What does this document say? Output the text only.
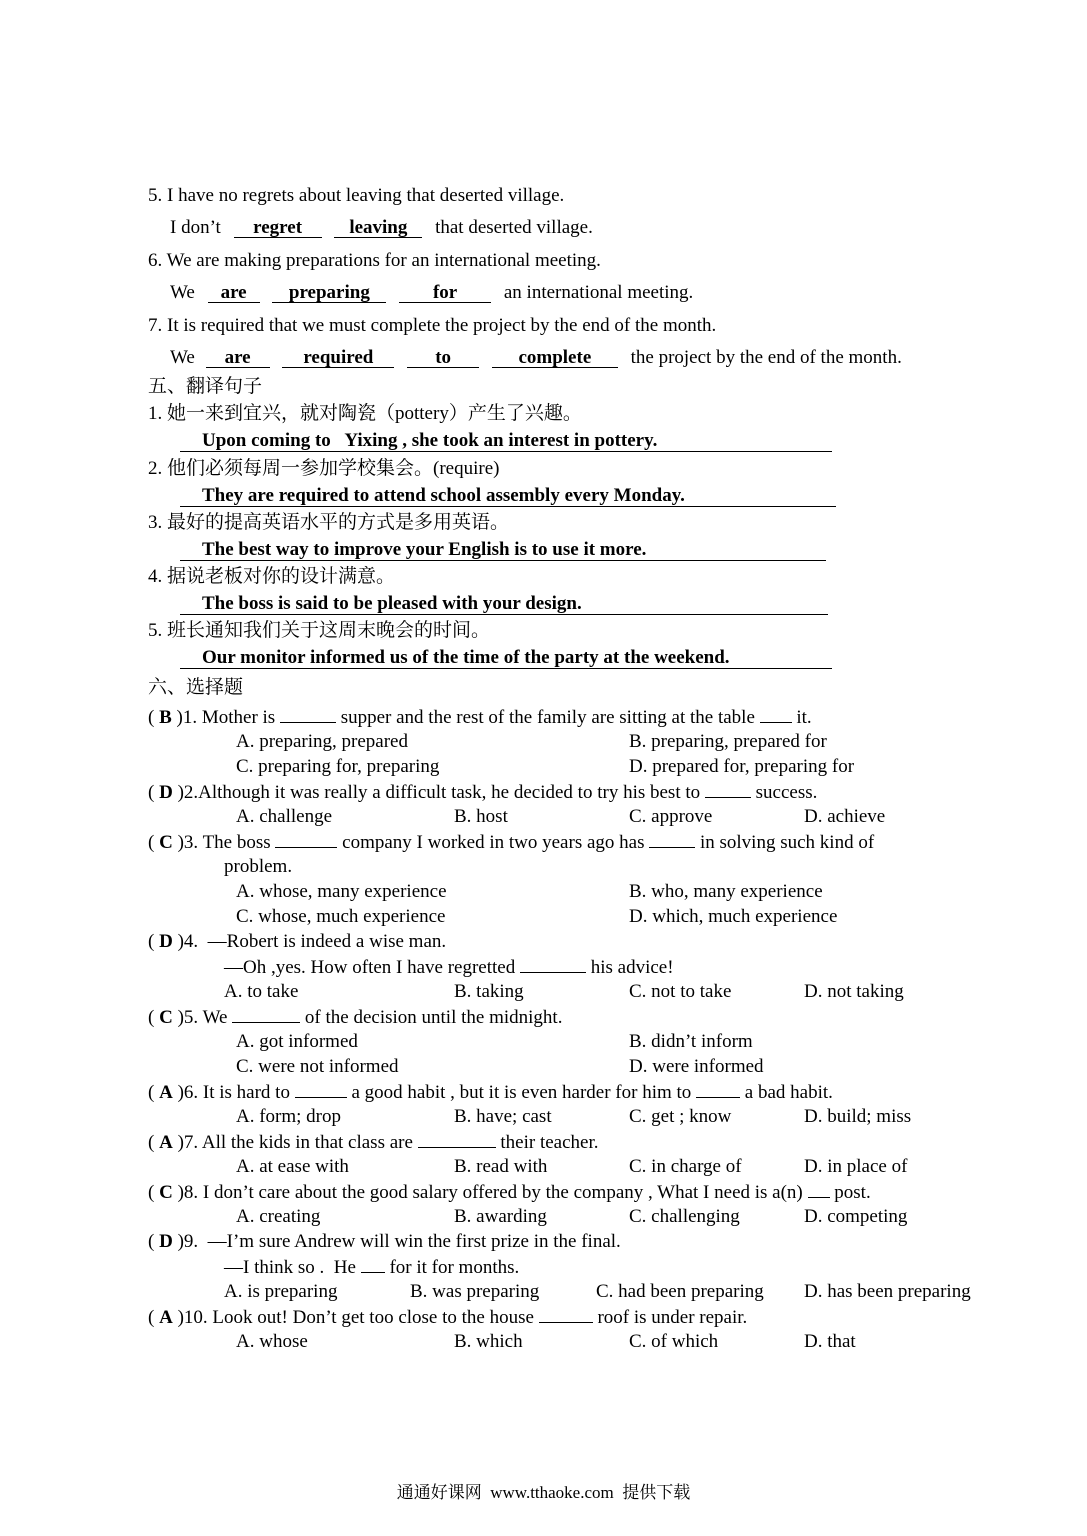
5. I have no regrets about leaving that deserted village.
I don’t regret leaving that deserted village.
6. We are making preparations for an international meeting.
We are preparing	for an international meeting.
7. It is required that we must complete the project by the end of the month.
We are	required	to	complete the project by the end of the month.
五、翻译句子
1. 她一来到宜兴，就对陶瓷（pottery）产生了兴趣。
Upon coming to   Yixing , she took an interest in pottery.
2. 他们必须每周一参加学校集会。(require)
They are required to attend school assembly every Monday.
3. 最好的提高英语水平的方式是多用英语。
The best way to improve your English is to use it more.
4. 据说老板对你的设计满意。
The boss is said to be pleased with your design.
5. 班长通知我们关于这周末晚会的时间。
Our monitor informed us of the time of the party at the weekend.
六、选择题
( B )1. Mother is	supper and the rest of the family are sitting at the table it.
A. preparing, prepared	B. preparing, prepared for
C. preparing for, preparing	D. prepared for, preparing for
( D )2.Although it was really a difficult task, he decided to try his best to	success.
A. challenge	B. host	C. approve	D. achieve
( C )3. The boss	company I worked in two years ago has	in solving such kind of
problem.
A. whose, many experience	B. who, many experience
C. whose, much experience	D. which, much experience
( D )4. —Robert is indeed a wise man.
—Oh ,yes. How often I have regretted	his advice!
A. to take	B. taking	C. not to take	D. not taking
( C )5. We	of the decision until the midnight.
A. got informed	B. didn’t inform
C. were not informed	D. were informed
( A )6. It is hard to	a good habit , but it is even harder for him to	a bad habit.
A. form; drop	B. have; cast	C. get ; know	D. build; miss
( A )7. All the kids in that class are	their teacher.
A. at ease with	B. read with	C. in charge of	D. in place of
( C )8. I don’t care about the good salary offered by the company , What I need is a(n) post.
A. creating	B. awarding	C. challenging	D. competing
( D )9. —I’m sure Andrew will win the first prize in the final.
—I think so .  He for it for months.
A. is preparing	B. was preparing	C. had been preparing D. has been preparing
( A )10. Look out! Don’t get too close to the house	roof is under repair.
A. whose	B. which	C. of which	D. that
通通好课网  www.tthaoke.com  提供下载
